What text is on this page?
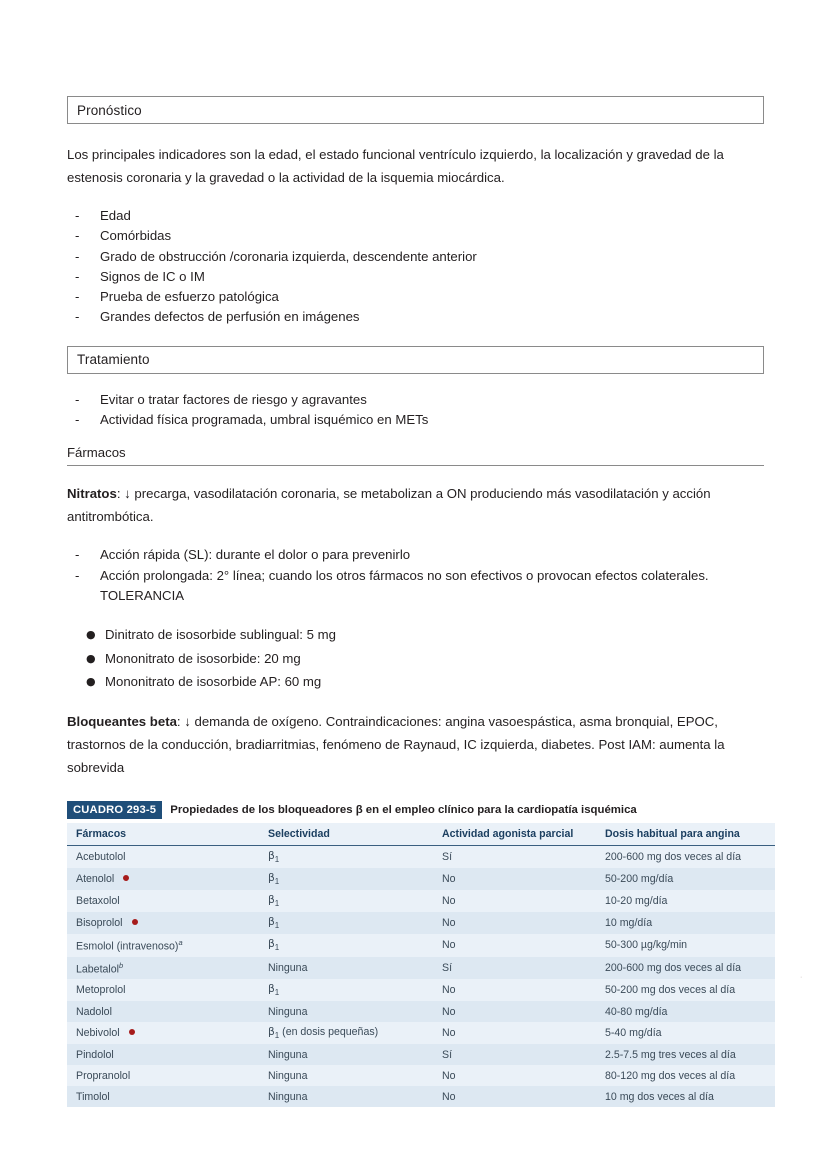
Pronóstico

Los principales indicadores son la edad, el estado funcional ventrículo izquierdo, la localización y gravedad de la estenosis coronaria y la gravedad o la actividad de la isquemia miocárdica.

- Edad
- Comórbidas
- Grado de obstrucción /coronaria izquierda, descendente anterior
- Signos de IC o IM
- Prueba de esfuerzo patológica
- Grandes defectos de perfusión en imágenes
Tratamiento
- Evitar o tratar factores de riesgo y agravantes
- Actividad física programada, umbral isquémico en METs
Fármacos

Nitratos: ↓ precarga, vasodilatación coronaria, se metabolizan a ON produciendo más vasodilatación y acción antitrombótica.

- Acción rápida (SL): durante el dolor o para prevenirlo
- Acción prolongada: 2° línea; cuando los otros fármacos no son efectivos o provocan efectos colaterales.
TOLERANCIA
● Dinitrato de isosorbide sublingual: 5 mg
● Mononitrato de isosorbide: 20 mg
● Mononitrato de isosorbide AP: 60 mg

Bloqueantes beta: ↓ demanda de oxígeno. Contraindicaciones: angina vasoespástica, asma bronquial, EPOC, trastornos de la conducción, bradiarritmias, fenómeno de Raynaud, IC izquierda, diabetes. Post IAM: aumenta la sobrevida

CUADRO 293-5	Propiedades de los bloqueadores β en el empleo clínico para la cardiopatía isquémica
Fármacos	Selectividad	Actividad agonista parcial	Dosis habitual para angina
Acebutolol	$\beta_1$	Sí	200-600 mg dos veces al día
Atenolol	$\beta_1$	No	50-200 mg/día
Betaxolol	$\beta_1$	No	10-20 mg/día
Bisoprolol	$\beta_1$	No	10 mg/día
Esmolol (intravenoso)$^a$	$\beta_1$	No	50-300 µg/kg/min
Labetalol$^b$	Ninguna	Sí	200-600 mg dos veces al día
Metoprolol	$\beta_1$	No	50-200 mg dos veces al día
Nadolol	Ninguna	No	40-80 mg/día
Nebivolol	$\beta_1$ (en dosis pequeñas)	No	5-40 mg/día
Pindolol	Ninguna	Sí	2.5-7.5 mg tres veces al día
Propranolol	Ninguna	No	80-120 mg dos veces al día
Timolol	Ninguna	No	10 mg dos veces al día
·
